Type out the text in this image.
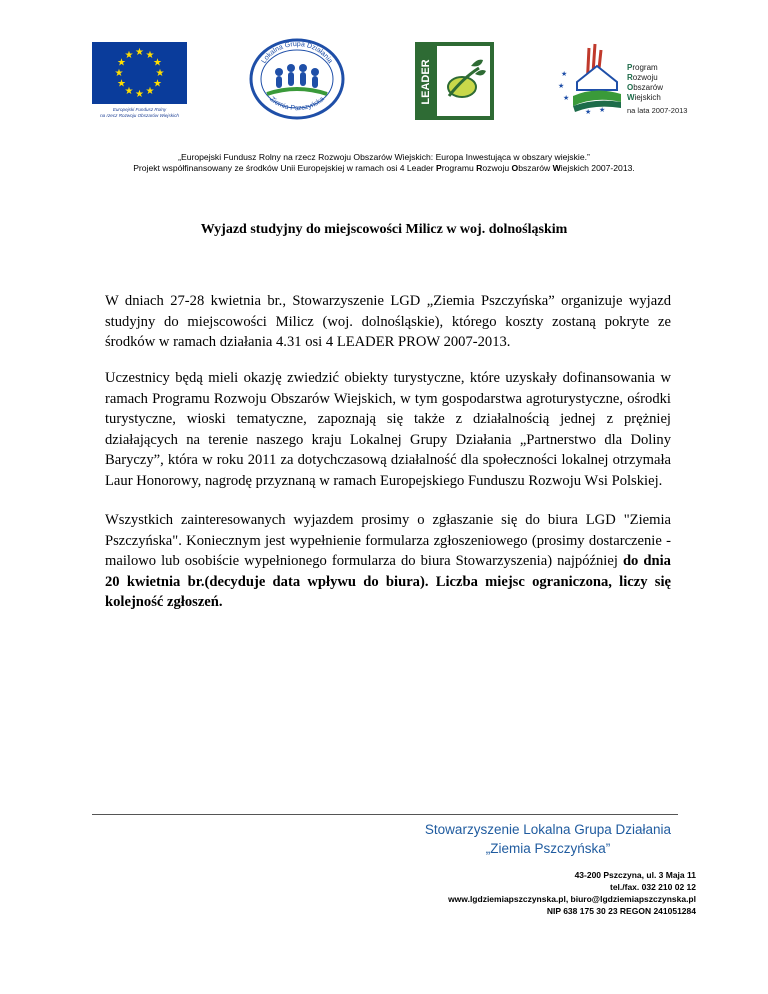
★ ★
★
★
★
★
★
★
★
★
★
★
Europejski Fundusz Rolny
na rzecz Rozwoju Obszarów Wiejskich
Lokalna Grupa Działania
Ziemia Pszczyńska	LEADER	★
★
★
★ ★
Program
Rozwoju
Obszarów
Wiejskich
na lata 2007-2013
„Europejski Fundusz Rolny na rzecz Rozwoju Obszarów Wiejskich: Europa Inwestująca w obszary wiejskie.”
Projekt współfinansowany ze środków Unii Europejskiej w ramach osi 4 Leader Programu Rozwoju Obszarów Wiejskich 2007-2013.
Wyjazd studyjny do miejscowości Milicz w woj. dolnośląskim

W dniach 27-28 kwietnia br., Stowarzyszenie LGD „Ziemia Pszczyńska” organizuje wyjazd studyjny do miejscowości Milicz (woj. dolnośląskie), którego koszty zostaną pokryte ze środków w ramach działania 4.31 osi 4 LEADER PROW 2007-2013.

Uczestnicy będą mieli okazję zwiedzić obiekty turystyczne, które uzyskały dofinansowania w ramach Programu Rozwoju Obszarów Wiejskich, w tym gospodarstwa agroturystyczne, ośrodki turystyczne, wioski tematyczne, zapoznają się także z działalnością jednej z prężniej działających na terenie naszego kraju Lokalnej Grupy Działania „Partnerstwo dla Doliny Baryczy”, która w roku 2011 za dotychczasową działalność dla społeczności lokalnej otrzymała Laur Honorowy, nagrodę przyznaną w ramach Europejskiego Funduszu Rozwoju Wsi Polskiej.

Wszystkich zainteresowanych wyjazdem prosimy o zgłaszanie się do biura LGD "Ziemia Pszczyńska". Koniecznym jest wypełnienie formularza zgłoszeniowego (prosimy dostarczenie - mailowo lub osobiście wypełnionego formularza do biura Stowarzyszenia) najpóźniej do dnia 20 kwietnia br.(decyduje data wpływu do biura). Liczba miejsc ograniczona, liczy się kolejność zgłoszeń.

Stowarzyszenie Lokalna Grupa Działania
„Ziemia Pszczyńska”
43-200 Pszczyna, ul. 3 Maja 11
tel./fax. 032 210 02 12
www.lgdziemiapszczynska.pl, biuro@lgdziemiapszczynska.pl
NIP 638 175 30 23 REGON 241051284
